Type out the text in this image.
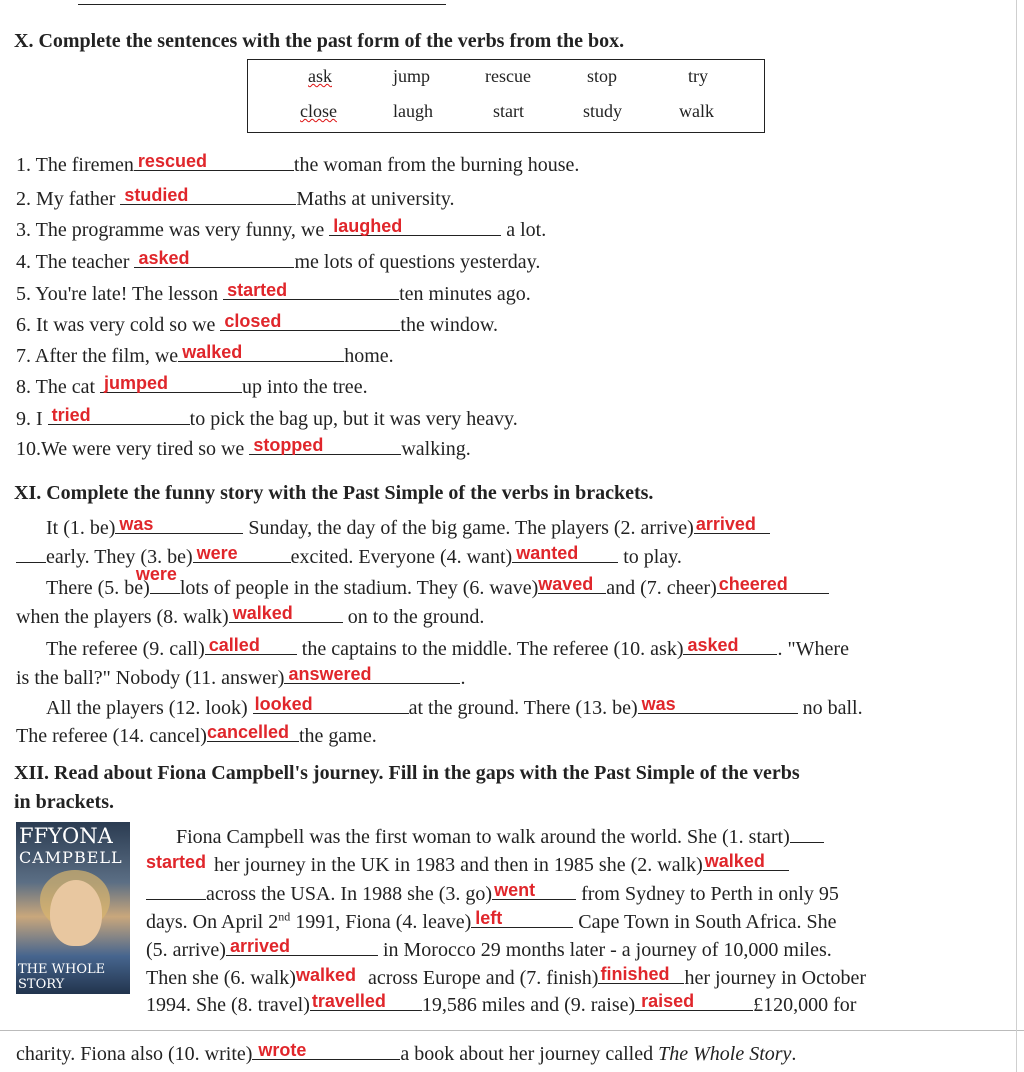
X. Complete the sentences with the past form of the verbs from the box.
ask	jump	rescue	stop	try
close	laugh	start	study	walk
1. The firemen rescued	the woman from the burning house.
2. My father studied	Maths at university.
3. The programme was very funny, we laughed	a lot.
4. The teacher asked	me lots of questions yesterday.
5. You're late! The lesson started	ten minutes ago.
6. It was very cold so we closed	the window.
7. After the film, we walked	home.
8. The cat jumped	up into the tree.
9. I tried	to pick the bag up, but it was very heavy.
10.We were very tired so we stopped	walking.
XI. Complete the funny story with the Past Simple of the verbs in brackets.
It (1. be) was	Sunday, the day of the big game. The players (2. arrive) arrived
early. They (3. be) were	excited. Everyone (4. want) wanted to play.
There (5. be)
were
lots of people in the stadium. They (6. wave) waved and (7. cheer) cheered
when the players (8. walk) walked	on to the ground.
The referee (9. call) called the captains to the middle. The referee (10. ask) asked . "Where
is the ball?" Nobody (11. answer) answered	.
All the players (12. look) looked	at the ground. There (13. be) was	no ball.
The referee (14. cancel) cancelled the game.
XII. Read about Fiona Campbell's journey. Fill in the gaps with the Past Simple of the verbs
in brackets.
FFYONA
CAMPBELL
THE WHOLE STORY
Fiona Campbell was the first woman to walk around the world. She (1. start)
started her journey in the UK in 1983 and then in 1985 she (2. walk) walked
across the USA. In 1988 she (3. go) went from Sydney to Perth in only 95
days. On April 2nd 1991, Fiona (4. leave) left	Cape Town in South Africa. She
(5. arrive) arrived	in Morocco 29 months later - a journey of 10,000 miles.
Then she (6. walk) walked across Europe and (7. finish) finished her journey in October
1994. She (8. travel) travelled 19,586 miles and (9. raise) raised	£120,000 for
charity. Fiona also (10. write) wrote	a book about her journey called The Whole Story.
